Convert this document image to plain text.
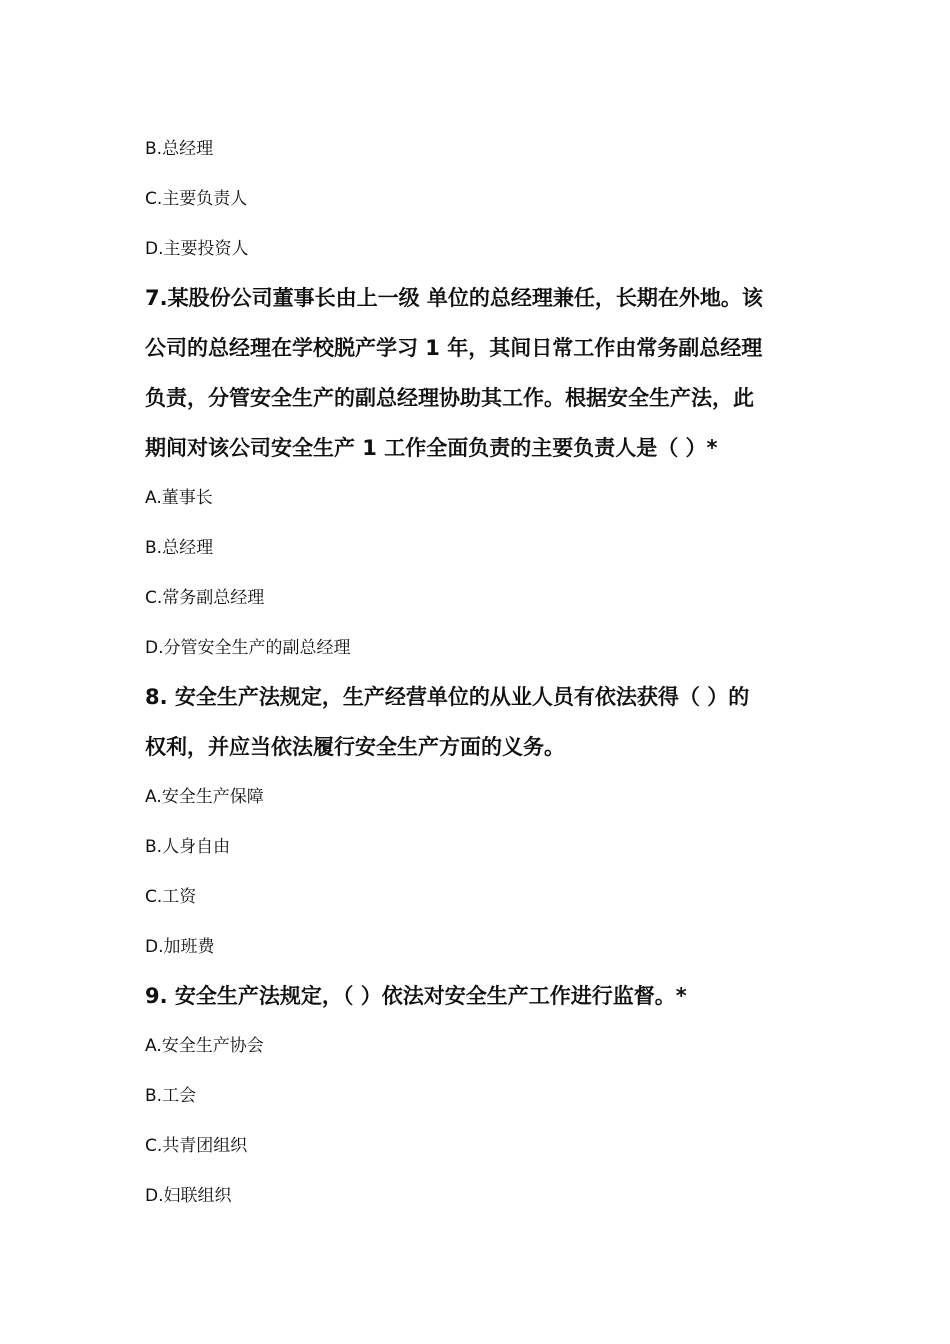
B.总经理
C.主要负责人
D.主要投资人
7.某股份公司董事长由上一级 单位的总经理兼任，长期在外地。该
公司的总经理在学校脱产学习 1 年，其间日常工作由常务副总经理
负责，分管安全生产的副总经理协助其工作。根据安全生产法，此
期间对该公司安全生产 1 工作全面负责的主要负责人是（ ）*
A.董事长
B.总经理
C.常务副总经理
D.分管安全生产的副总经理
8. 安全生产法规定，生产经营单位的从业人员有依法获得（ ）的
权利，并应当依法履行安全生产方面的义务。
A.安全生产保障
B.人身自由
C.工资
D.加班费
9. 安全生产法规定，（ ）依法对安全生产工作进行监督。*
A.安全生产协会
B.工会
C.共青团组织
D.妇联组织
